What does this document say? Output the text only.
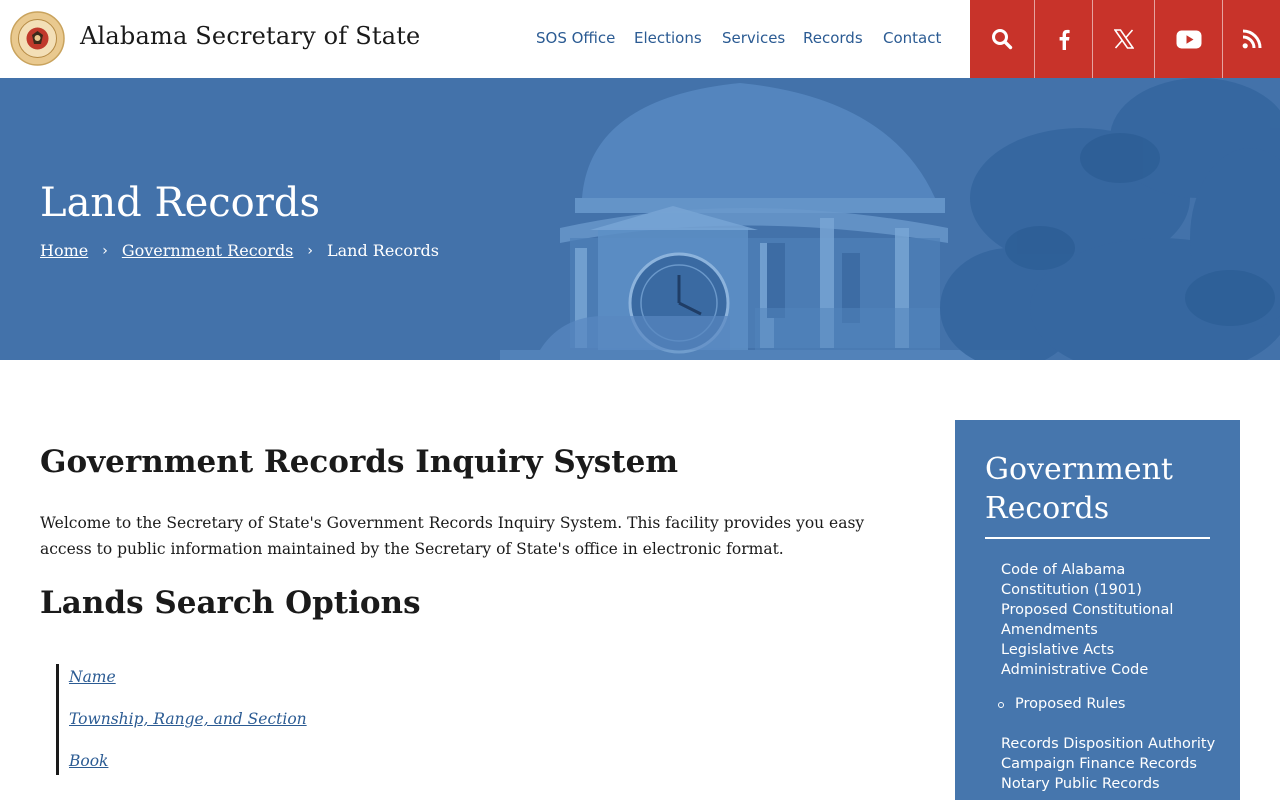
Alabama Secretary of State	SOS Office Elections Services Records Contact
Land Records
Home › Government Records › Land Records
Government Records Inquiry System

Welcome to the Secretary of State's Government Records Inquiry System. This facility provides you easy access to public information maintained by the Secretary of State's office in electronic format.

Lands Search Options
Name
Township, Range, and Section
Book
Government Records
Code of Alabama
Constitution (1901)
Proposed Constitutional
Amendments
Legislative Acts
Administrative Code
Proposed Rules
Records Disposition Authority
Campaign Finance Records
Notary Public Records
